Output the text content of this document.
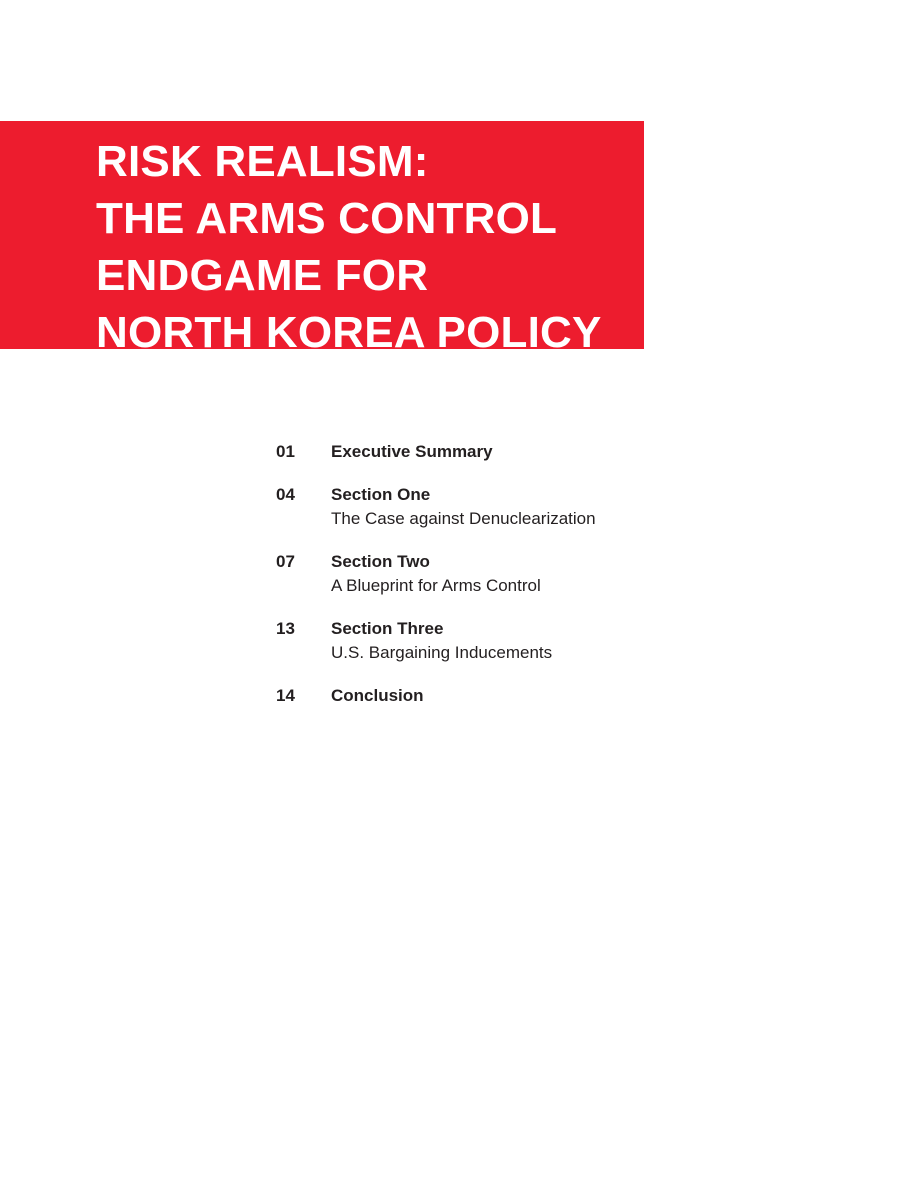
RISK REALISM:
THE ARMS CONTROL
ENDGAME FOR
NORTH KOREA POLICY
01 Executive Summary
04 Section One
The Case against Denuclearization
07 Section Two
A Blueprint for Arms Control
13 Section Three
U.S. Bargaining Inducements
14 Conclusion
